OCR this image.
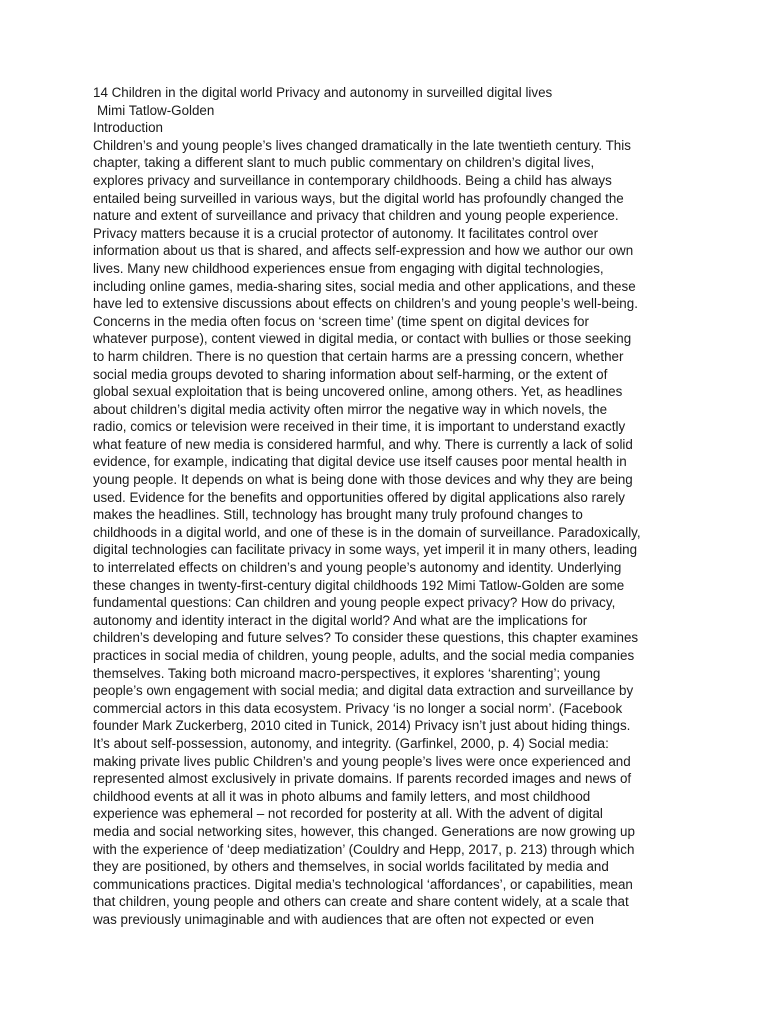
14 Children in the digital world Privacy and autonomy in surveilled digital lives
Mimi Tatlow-Golden
Introduction
Children’s and young people’s lives changed dramatically in the late twentieth century. This
chapter, taking a different slant to much public commentary on children’s digital lives,
explores privacy and surveillance in contemporary childhoods. Being a child has always
entailed being surveilled in various ways, but the digital world has profoundly changed the
nature and extent of surveillance and privacy that children and young people experience.
Privacy matters because it is a crucial protector of autonomy. It facilitates control over
information about us that is shared, and affects self-expression and how we author our own
lives. Many new childhood experiences ensue from engaging with digital technologies,
including online games, media-sharing sites, social media and other applications, and these
have led to extensive discussions about effects on children’s and young people’s well-being.
Concerns in the media often focus on ‘screen time’ (time spent on digital devices for
whatever purpose), content viewed in digital media, or contact with bullies or those seeking
to harm children. There is no question that certain harms are a pressing concern, whether
social media groups devoted to sharing information about self-harming, or the extent of
global sexual exploitation that is being uncovered online, among others. Yet, as headlines
about children’s digital media activity often mirror the negative way in which novels, the
radio, comics or television were received in their time, it is important to understand exactly
what feature of new media is considered harmful, and why. There is currently a lack of solid
evidence, for example, indicating that digital device use itself causes poor mental health in
young people. It depends on what is being done with those devices and why they are being
used. Evidence for the benefits and opportunities offered by digital applications also rarely
makes the headlines. Still, technology has brought many truly profound changes to
childhoods in a digital world, and one of these is in the domain of surveillance. Paradoxically,
digital technologies can facilitate privacy in some ways, yet imperil it in many others, leading
to interrelated effects on children’s and young people’s autonomy and identity. Underlying
these changes in twenty-first-century digital childhoods 192 Mimi Tatlow-Golden are some
fundamental questions: Can children and young people expect privacy? How do privacy,
autonomy and identity interact in the digital world? And what are the implications for
children’s developing and future selves? To consider these questions, this chapter examines
practices in social media of children, young people, adults, and the social media companies
themselves. Taking both microand macro-perspectives, it explores ‘sharenting’; young
people’s own engagement with social media; and digital data extraction and surveillance by
commercial actors in this data ecosystem. Privacy ‘is no longer a social norm’. (Facebook
founder Mark Zuckerberg, 2010 cited in Tunick, 2014) Privacy isn’t just about hiding things.
It’s about self-possession, autonomy, and integrity. (Garfinkel, 2000, p. 4) Social media:
making private lives public Children’s and young people’s lives were once experienced and
represented almost exclusively in private domains. If parents recorded images and news of
childhood events at all it was in photo albums and family letters, and most childhood
experience was ephemeral – not recorded for posterity at all. With the advent of digital
media and social networking sites, however, this changed. Generations are now growing up
with the experience of ‘deep mediatization’ (Couldry and Hepp, 2017, p. 213) through which
they are positioned, by others and themselves, in social worlds facilitated by media and
communications practices. Digital media’s technological ‘affordances’, or capabilities, mean
that children, young people and others can create and share content widely, at a scale that
was previously unimaginable and with audiences that are often not expected or even
